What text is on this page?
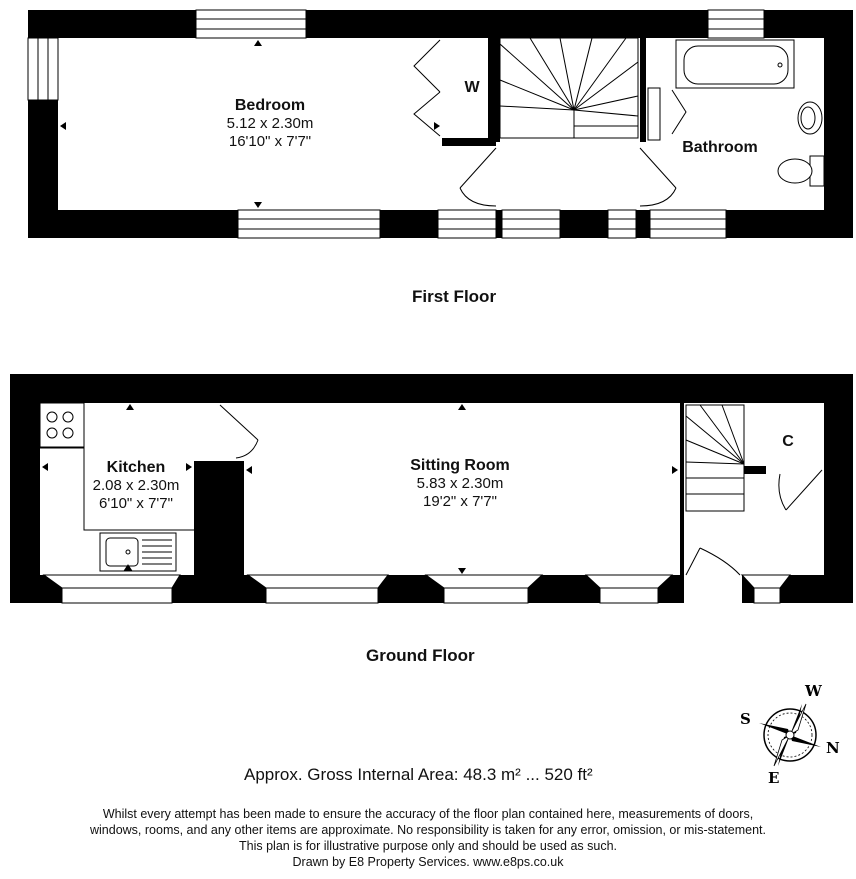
W
N
E
S
Bedroom
5.12 x 2.30m
16'10" x 7'7"
W
Bathroom
First Floor
Kitchen
2.08 x 2.30m
6'10" x 7'7"
Sitting Room
5.83 x 2.30m
19'2" x 7'7"
C
Ground Floor
Approx. Gross Internal Area: 48.3 m² ... 520 ft²
Whilst every attempt has been made to ensure the accuracy of the floor plan contained here, measurements of doors,
windows, rooms, and any other items are approximate. No responsibility is taken for any error, omission, or mis-statement.
This plan is for illustrative purpose only and should be used as such.
Drawn by E8 Property Services. www.e8ps.co.uk
